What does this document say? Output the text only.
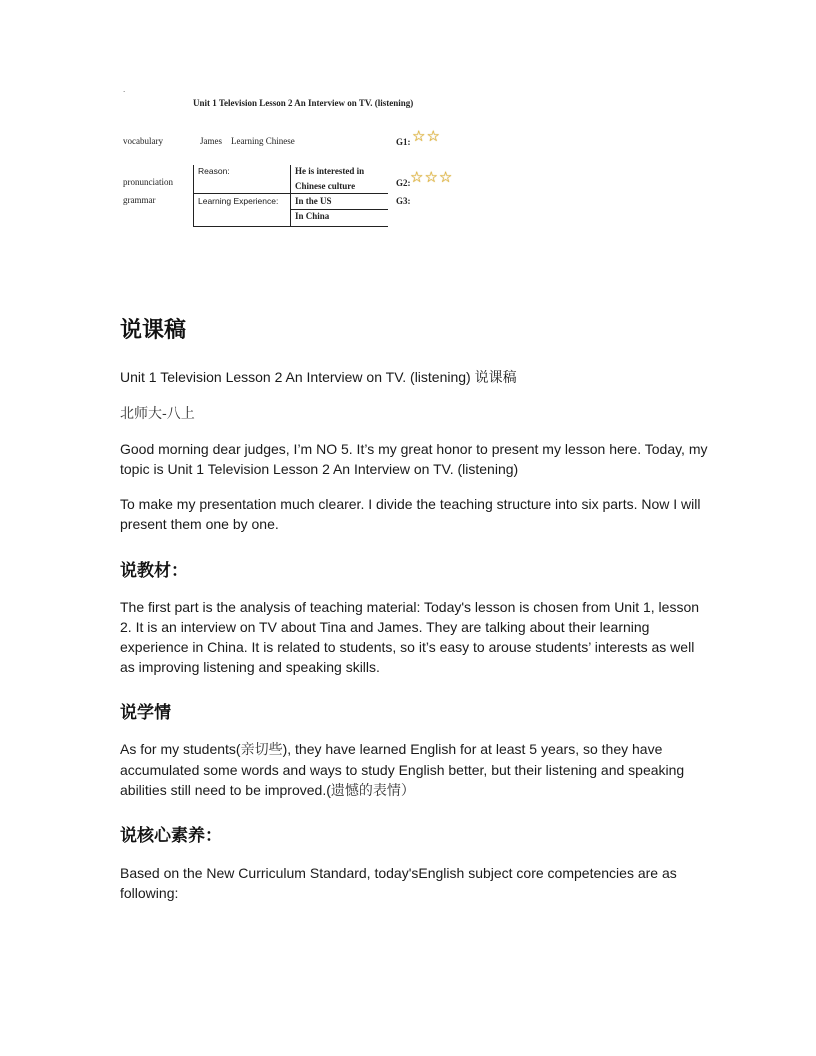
`
Unit 1 Television Lesson 2 An Interview on TV. (listening)
vocabulary
pronunciation
grammar
James    Learning Chinese
Reason:	He is interested in
Chinese culture
Learning Experience: In the US
In China
G1: ☆☆
G2: ☆☆☆
G3:
说课稿
Unit 1 Television Lesson 2 An Interview on TV. (listening) 说课稿
北师大-八上
Good morning dear judges, I’m NO 5. It’s my great honor to present my lesson here. Today, my topic is Unit 1 Television Lesson 2 An Interview on TV. (listening)
To make my presentation much clearer. I divide the teaching structure into six parts. Now I will present them one by one.
说教材：
The first part is the analysis of teaching material: Today's lesson is chosen from Unit 1, lesson 2. It is an interview on TV about Tina and James. They are talking about their learning experience in China. It is related to students, so it’s easy to arouse students’ interests as well as improving listening and speaking skills.
说学情
As for my students(亲切些), they have learned English for at least 5 years, so they have accumulated some words and ways to study English better, but their listening and speaking abilities still need to be improved.(遗憾的表情）
说核心素养：
Based on the New Curriculum Standard, today'sEnglish subject core competencies are as following:
